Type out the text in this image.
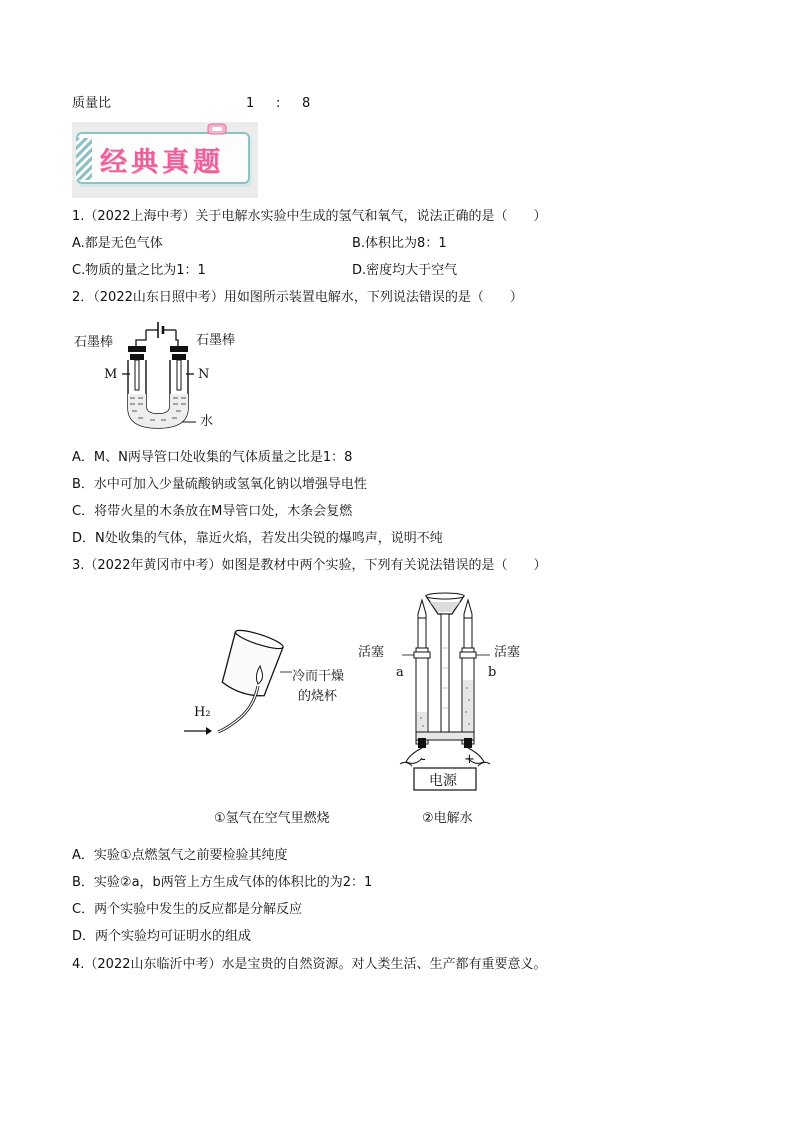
质量比	1 : 8
经典真题
1.（2022上海中考）关于电解水实验中生成的氢气和氧气，说法正确的是（　　）
A.都是无色气体	B.体积比为8：1
C.物质的量之比为1：1	D.密度均大于空气
2．（2022山东日照中考）用如图所示装置电解水，下列说法错误的是（　　）
石墨棒	石墨棒
M	N
水
A．M、N两导管口处收集的气体质量之比是1：8
B．水中可加入少量硫酸钠或氢氧化钠以增强导电性
C．将带火星的木条放在M导管口处，木条会复燃
D．N处收集的气体，靠近火焰，若发出尖锐的爆鸣声，说明不纯
3.（2022年黄冈市中考）如图是教材中两个实验，下列有关说法错误的是（　　）
H₂
冷而干燥
的烧杯
①氢气在空气里燃烧
活塞	活塞
a	b
-	+
电源
②电解水
A．实验①点燃氢气之前要检验其纯度
B．实验②a，b两管上方生成气体的体积比的为2：1
C．两个实验中发生的反应都是分解反应
D．两个实验均可证明水的组成
4.（2022山东临沂中考）水是宝贵的自然资源。对人类生活、生产都有重要意义。
